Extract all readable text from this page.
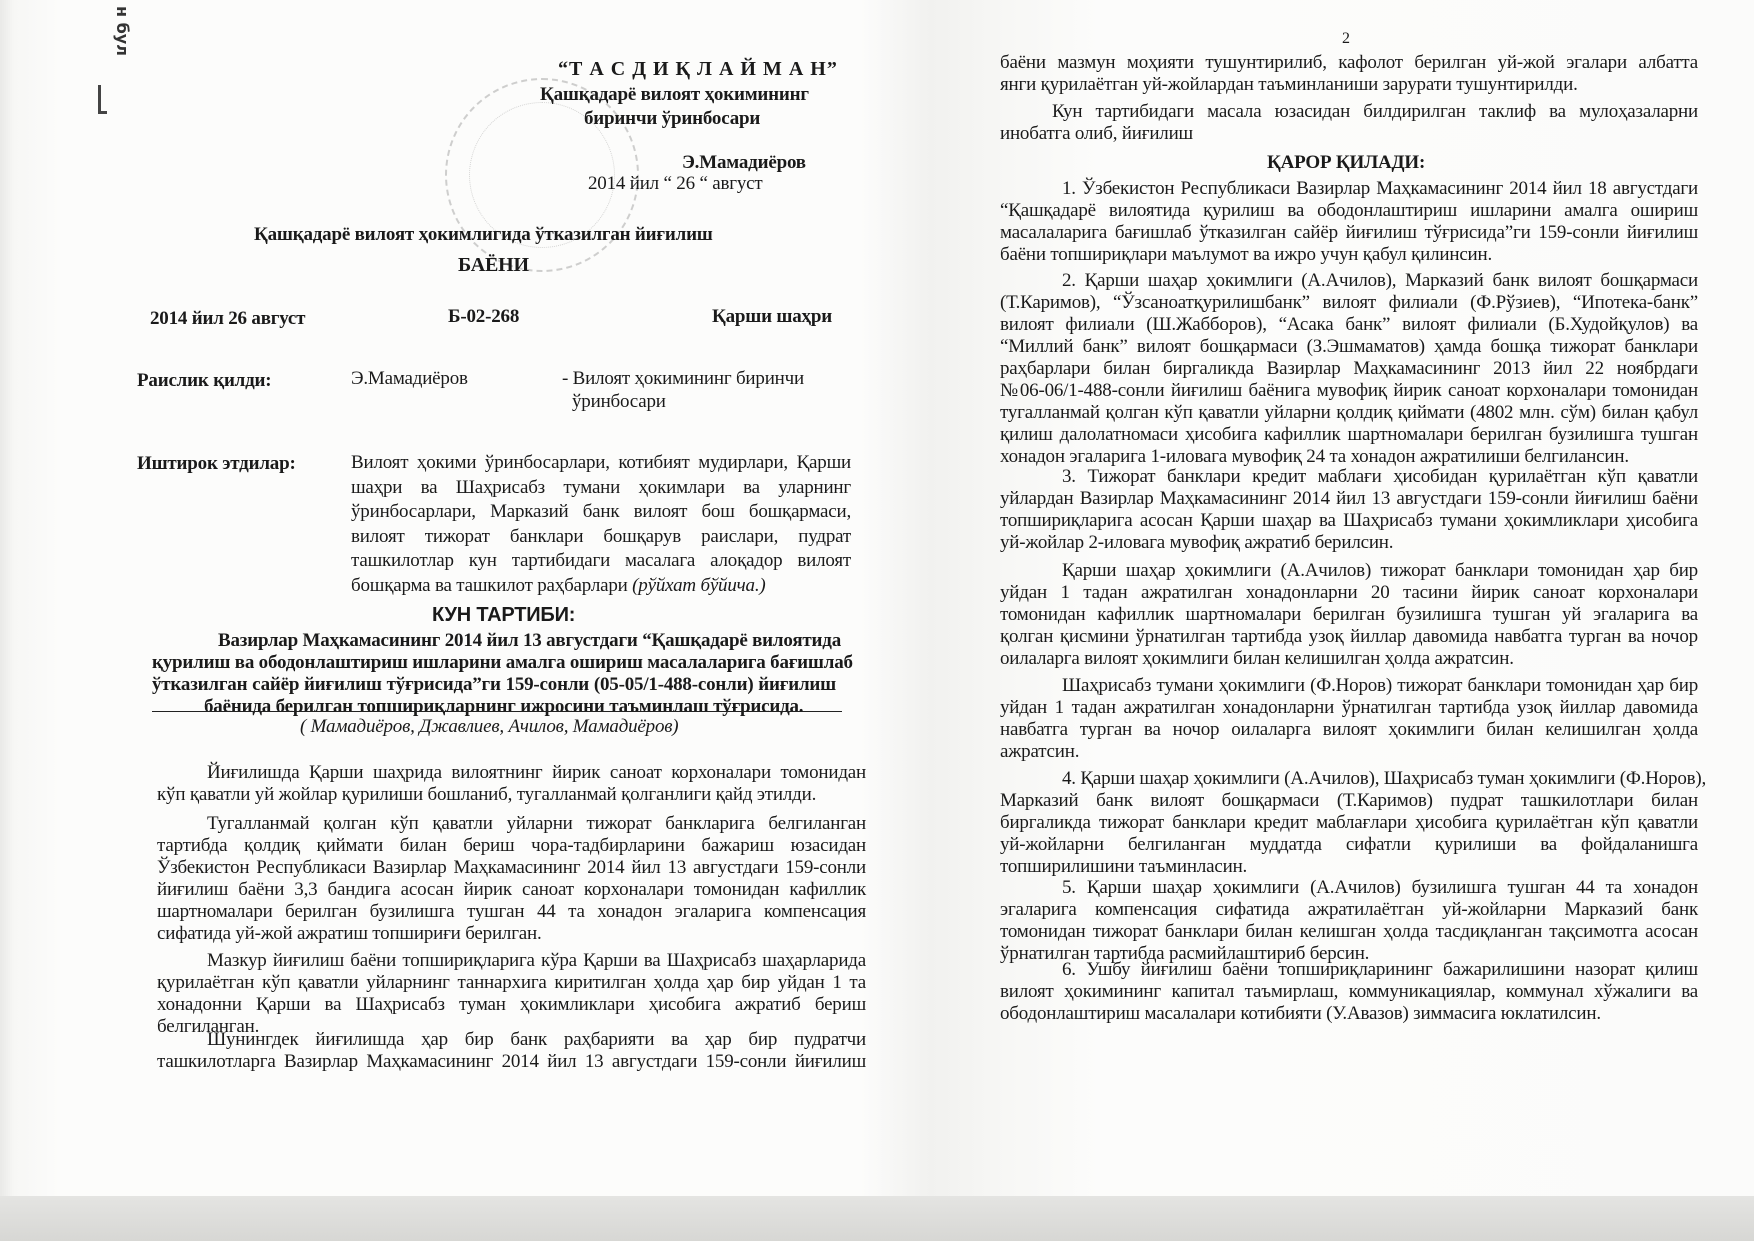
н бул
“Т А С Д И Қ Л А Й М А Н”
Қашқадарё вилоят ҳокимининг
биринчи ўринбосари
Э.Мамадиёров
2014 йил “ 26 “ август
Қашқадарё вилоят ҳокимлигида ўтказилган йиғилиш
БАЁНИ
2014 йил 26 август	Б-02-268	Қарши шаҳри
Раислик қилди:	Э.Мамадиёров	- Вилоят ҳокимининг биринчи
ўринбосари
Иштирок этдилар:	Вилоят ҳокими ўринбосарлари, котибият мудирлари, Қарши
шаҳри ва Шаҳрисабз тумани ҳокимлари ва уларнинг
ўринбосарлари, Марказий банк вилоят бош бошқармаси,
вилоят тижорат банклари бошқарув раислари, пудрат
ташкилотлар кун тартибидаги масалага алоқадор вилоят
бошқарма ва ташкилот раҳбарлари (рўйхат бўйича.)
КУН ТАРТИБИ:
Вазирлар Маҳкамасининг 2014 йил 13 августдаги “Қашқадарё вилоятида
қурилиш ва ободонлаштириш ишларини амалга ошириш масалаларига бағишлаб
ўтказилган сайёр йиғилиш тўғрисида”ги 159-сонли (05-05/1-488-сонли) йиғилиш
баёнида берилган топшириқларнинг ижросини таъминлаш тўғрисида.
( Мамадиёров, Джавлиев, Ачилов, Мамадиёров)
Йиғилишда Қарши шаҳрида вилоятнинг йирик саноат корхоналари томонидан
кўп қаватли уй жойлар қурилиши бошланиб, тугалланмай қолганлиги қайд этилди.
Тугалланмай қолган кўп қаватли уйларни тижорат банкларига белгиланган
тартибда қолдиқ қиймати билан бериш чора-тадбирларини бажариш юзасидан
Ўзбекистон Республикаси Вазирлар Маҳкамасининг 2014 йил 13 августдаги 159-сонли
йиғилиш баёни 3,3 бандига асосан йирик саноат корхоналари томонидан кафиллик
шартномалари берилган бузилишга тушган 44 та хонадон эгаларига компенсация
сифатида уй-жой ажратиш топшириғи берилган.
Мазкур йиғилиш баёни топшириқларига кўра Қарши ва Шаҳрисабз шаҳарларида
қурилаётган кўп қаватли уйларнинг таннархига киритилган ҳолда ҳар бир уйдан 1 та
хонадонни Қарши ва Шаҳрисабз туман ҳокимликлари ҳисобига ажратиб бериш
белгиланган.
Шунингдек йиғилишда ҳар бир банк раҳбарияти ва ҳар бир пудратчи
ташкилотларга Вазирлар Маҳкамасининг 2014 йил 13 августдаги 159-сонли йиғилиш
2
баёни мазмун моҳияти тушунтирилиб, кафолот берилган уй-жой эгалари албатта
янги қурилаётган уй-жойлардан таъминланиши зарурати тушунтирилди.
Кун тартибидаги масала юзасидан билдирилган таклиф ва мулоҳазаларни
инобатга олиб, йиғилиш
ҚАРОР ҚИЛАДИ:
1. Ўзбекистон Республикаси Вазирлар Маҳкамасининг 2014 йил 18 августдаги
“Қашқадарё вилоятида қурилиш ва ободонлаштириш ишларини амалга ошириш
масалаларига бағишлаб ўтказилган сайёр йиғилиш тўғрисида”ги 159-сонли йиғилиш
баёни топшириқлари маълумот ва ижро учун қабул қилинсин.
2. Қарши шаҳар ҳокимлиги (А.Ачилов), Марказий банк вилоят бошқармаси
(Т.Каримов), “Ўзсаноатқурилишбанк” вилоят филиали (Ф.Рўзиев), “Ипотека-банк”
вилоят филиали (Ш.Жабборов), “Асака банк” вилоят филиали (Б.Худойқулов) ва
“Миллий банк” вилоят бошқармаси (З.Эшмаматов) ҳамда бошқа тижорат банклари
раҳбарлари билан биргаликда Вазирлар Маҳкамасининг 2013 йил 22 ноябрдаги
№06-06/1-488-сонли йиғилиш баёнига мувофиқ йирик саноат корхоналари томонидан
тугалланмай қолган кўп қаватли уйларни қолдиқ қиймати (4802 млн. сўм) билан қабул
қилиш далолатномаси ҳисобига кафиллик шартномалари берилган бузилишга тушган
хонадон эгаларига 1-иловага мувофиқ 24 та хонадон ажратилиши белгилансин.
3. Тижорат банклари кредит маблағи ҳисобидан қурилаётган кўп қаватли
уйлардан Вазирлар Маҳкамасининг 2014 йил 13 августдаги 159-сонли йиғилиш баёни
топшириқларига асосан Қарши шаҳар ва Шаҳрисабз тумани ҳокимликлари ҳисобига
уй-жойлар 2-иловага мувофиқ ажратиб берилсин.
Қарши шаҳар ҳокимлиги (А.Ачилов) тижорат банклари томонидан ҳар бир
уйдан 1 тадан ажратилган хонадонларни 20 тасини йирик саноат корхоналари
томонидан кафиллик шартномалари берилган бузилишга тушган уй эгаларига ва
қолган қисмини ўрнатилган тартибда узоқ йиллар давомида навбатга турган ва ночор
оилаларга вилоят ҳокимлиги билан келишилган ҳолда ажратсин.
Шаҳрисабз тумани ҳокимлиги (Ф.Норов) тижорат банклари томонидан ҳар бир
уйдан 1 тадан ажратилган хонадонларни ўрнатилган тартибда узоқ йиллар давомида
навбатга турган ва ночор оилаларга вилоят ҳокимлиги билан келишилган ҳолда
ажратсин.
4. Қарши шаҳар ҳокимлиги (А.Ачилов), Шаҳрисабз туман ҳокимлиги (Ф.Норов),
Марказий банк вилоят бошқармаси (Т.Каримов) пудрат ташкилотлари билан
биргаликда тижорат банклари кредит маблағлари ҳисобига қурилаётган кўп қаватли
уй-жойларни белгиланган муддатда сифатли қурилиши ва фойдаланишга
топширилишини таъминласин.
5. Қарши шаҳар ҳокимлиги (А.Ачилов) бузилишга тушган 44 та хонадон
эгаларига компенсация сифатида ажратилаётган уй-жойларни Марказий банк
томонидан тижорат банклари билан келишган ҳолда тасдиқланган тақсимотга асосан
ўрнатилган тартибда расмийлаштириб берсин.
6. Ушбу йиғилиш баёни топшириқларининг бажарилишини назорат қилиш
вилоят ҳокимининг капитал таъмирлаш, коммуникациялар, коммунал хўжалиги ва
ободонлаштириш масалалари котибияти (У.Авазов) зиммасига юклатилсин.
